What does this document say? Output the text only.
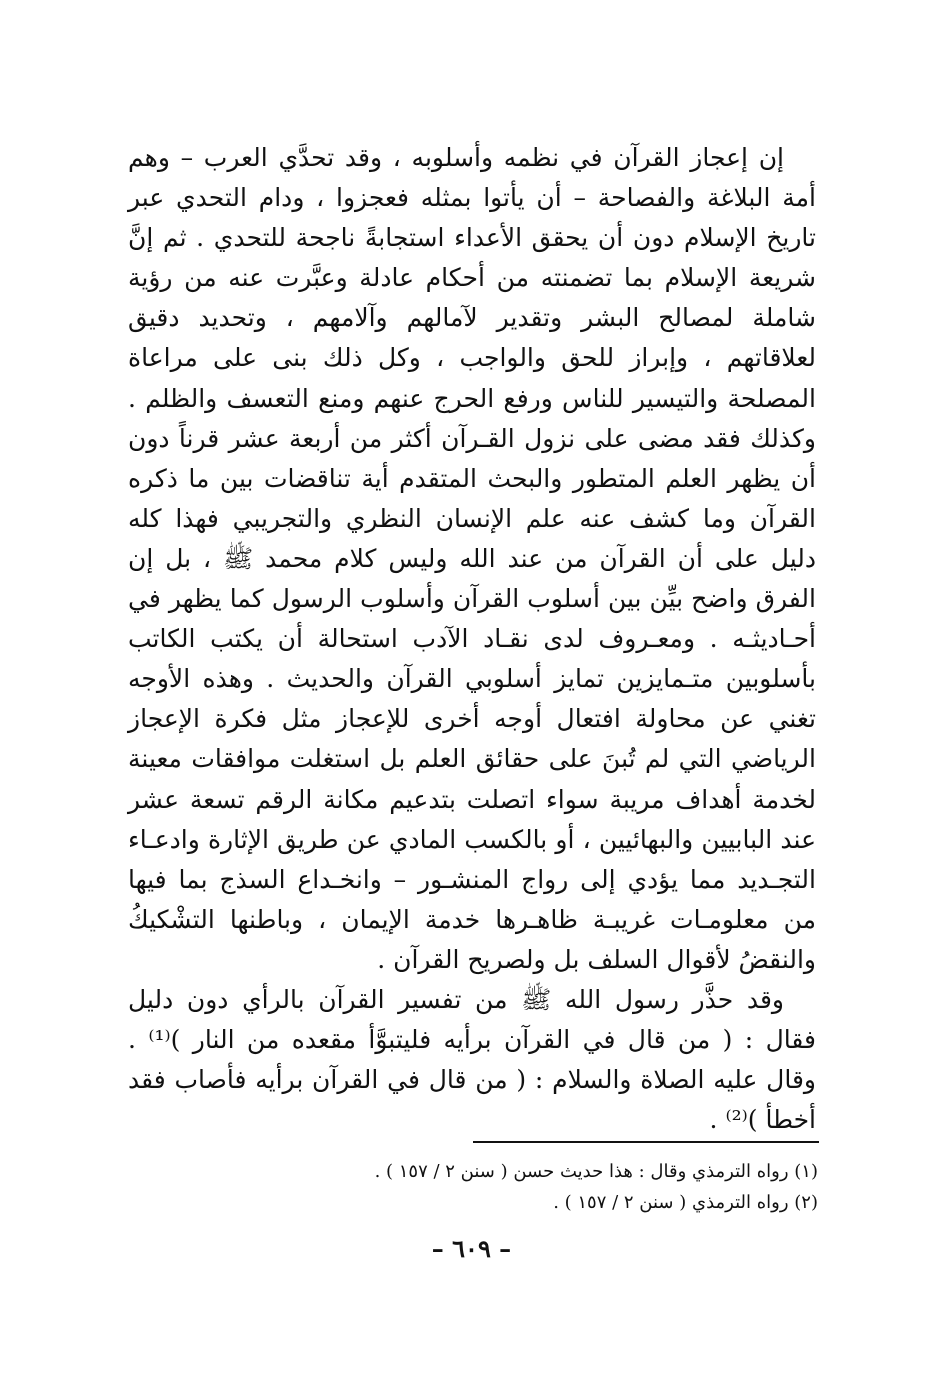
إن إعجاز القرآن في نظمه وأسلوبه ، وقد تحدَّي العرب – وهم أمة البلاغة والفصاحة – أن يأتوا بمثله فعجزوا ، ودام التحدي عبر تاريخ الإسلام دون أن يحقق الأعداء استجابةً ناجحة للتحدي . ثم إنَّ شريعة الإسلام بما تضمنته من أحكام عادلة وعبَّرت عنه من رؤية شاملة لمصالح البشر وتقدير لآمالهم وآلامهم ، وتحديد دقيق لعلاقاتهم ، وإبراز للحق والواجب ، وكل ذلك بنى على مراعاة المصلحة والتيسير للناس ورفع الحرج عنهم ومنع التعسف والظلم . وكذلك فقد مضى على نزول القـرآن أكثر من أربعة عشر قرناً دون أن يظهر العلم المتطور والبحث المتقدم أية تناقضات بين ما ذكره القرآن وما كشف عنه علم الإنسان النظري والتجريبي فهذا كله دليل على أن القرآن من عند الله وليس كلام محمد ﷺ ، بل إن الفرق واضح بيِّن بين أسلوب القرآن وأسلوب الرسول كما يظهر في أحـاديثـه . ومعـروف لدى نقـاد الآدب استحالة أن يكتب الكاتب بأسلوبين متـمايزين تمايز أسلوبي القرآن والحديث . وهذه الأوجه تغني عن محاولة افتعال أوجه أخرى للإعجاز مثل فكرة الإعجاز الرياضي التي لم تُبنَ على حقائق العلم بل استغلت موافقات معينة لخدمة أهداف مريبة سواء اتصلت بتدعيم مكانة الرقم تسعة عشر عند البابيين والبهائيين ، أو بالكسب المادي عن طريق الإثارة وادعـاء التجـديد مما يؤدي إلى رواج المنشـور – وانخـداع السذج بما فيها من معلومـات غريبـة ظاهـرها خدمة الإيمان ، وباطنها التشْكيكُ والنقضُ لأقوال السلف بل ولصريح القرآن .

وقد حذَّر رسول الله ﷺ من تفسير القرآن بالرأي دون دليل فقال : ( من قال في القرآن برأيه فليتبوَّأ مقعده من النار )⁽¹⁾ . وقال عليه الصلاة والسلام : ( من قال في القرآن برأيه فأصاب فقد أخطأ )⁽²⁾ .

(١) رواه الترمذي وقال : هذا حديث حسن ( سنن ٢ / ١٥٧ ) .

(٢) رواه الترمذي ( سنن ٢ / ١٥٧ ) .

– ٦٠٩ –
